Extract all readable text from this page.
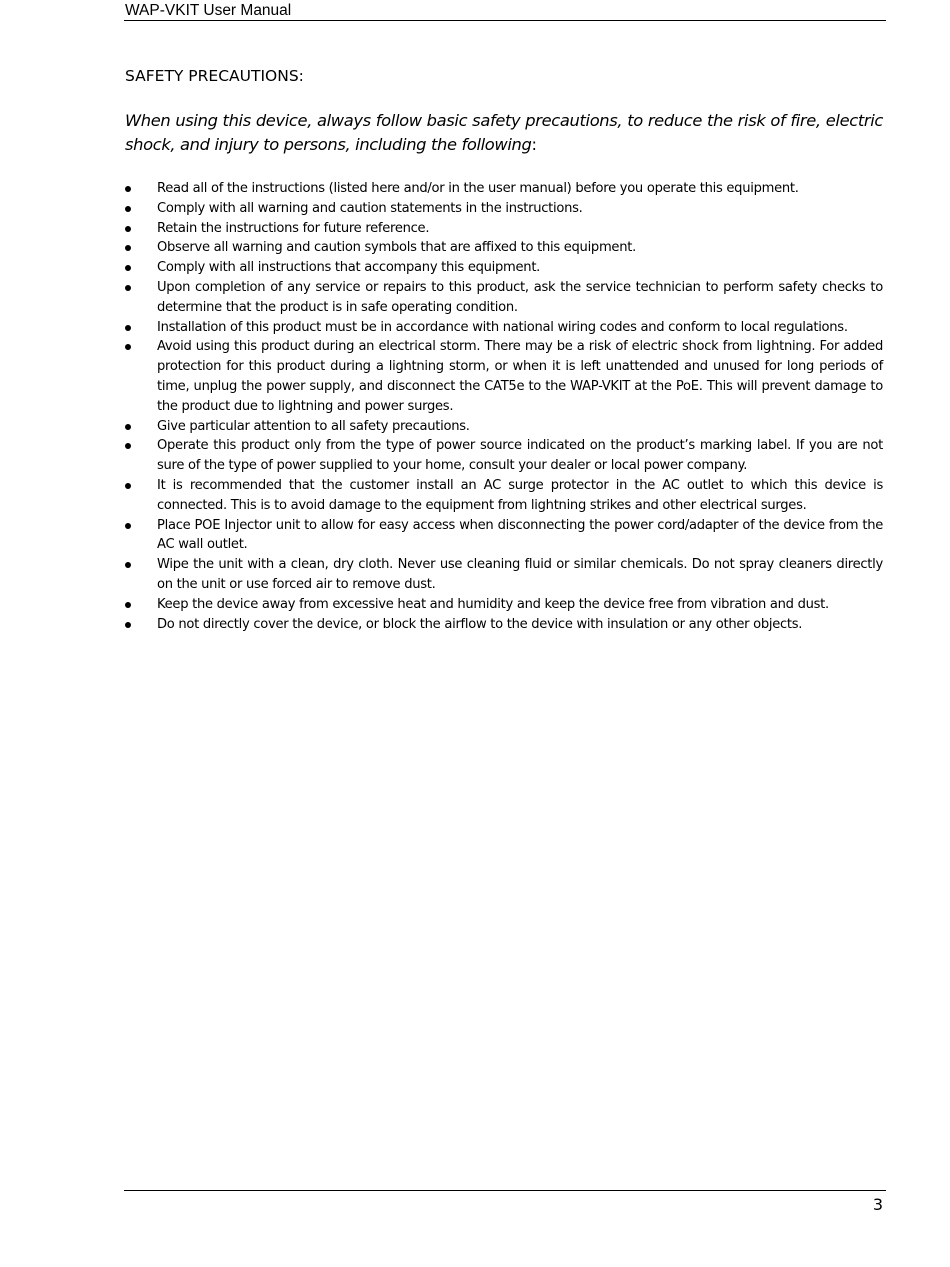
WAP-VKIT User Manual
SAFETY PRECAUTIONS:

When using this device, always follow basic safety precautions, to reduce the risk of fire, electric shock, and injury to persons, including the following:

Read all of the instructions (listed here and/or in the user manual) before you operate this equipment.
Comply with all warning and caution statements in the instructions.
Retain the instructions for future reference.
Observe all warning and caution symbols that are affixed to this equipment.
Comply with all instructions that accompany this equipment.
Upon completion of any service or repairs to this product, ask the service technician to perform safety checks to determine that the product is in safe operating condition.
Installation of this product must be in accordance with national wiring codes and conform to local regulations.
Avoid using this product during an electrical storm. There may be a risk of electric shock from lightning. For added protection for this product during a lightning storm, or when it is left unattended and unused for long periods of time, unplug the power supply, and disconnect the CAT5e to the WAP-VKIT at the PoE. This will prevent damage to the product due to lightning and power surges.
Give particular attention to all safety precautions.
Operate this product only from the type of power source indicated on the product’s marking label. If you are not sure of the type of power supplied to your home, consult your dealer or local power company.
It is recommended that the customer install an AC surge protector in the AC outlet to which this device is connected. This is to avoid damage to the equipment from lightning strikes and other electrical surges.
Place POE Injector unit to allow for easy access when disconnecting the power cord/adapter of the device from the AC wall outlet.
Wipe the unit with a clean, dry cloth. Never use cleaning fluid or similar chemicals. Do not spray cleaners directly on the unit or use forced air to remove dust.
Keep the device away from excessive heat and humidity and keep the device free from vibration and dust.
Do not directly cover the device, or block the airflow to the device with insulation or any other objects.
3
